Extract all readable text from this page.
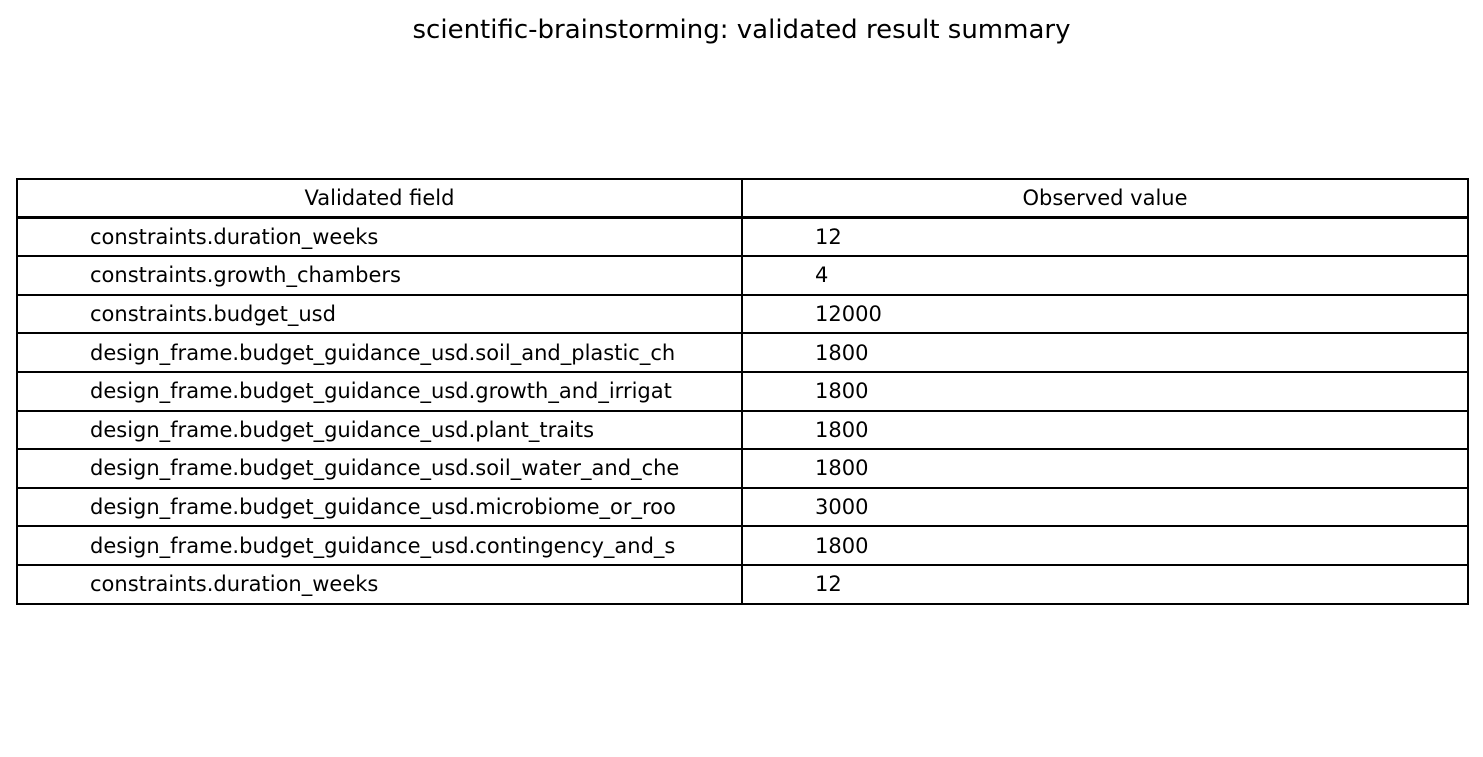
scientific-brainstorming: validated result summary
Validated field	Observed value
constraints.duration_weeks	12
constraints.growth_chambers	4
constraints.budget_usd	12000
design_frame.budget_guidance_usd.soil_and_plastic_ch	1800
design_frame.budget_guidance_usd.growth_and_irrigat	1800
design_frame.budget_guidance_usd.plant_traits	1800
design_frame.budget_guidance_usd.soil_water_and_che	1800
design_frame.budget_guidance_usd.microbiome_or_roo	3000
design_frame.budget_guidance_usd.contingency_and_s	1800
constraints.duration_weeks	12
